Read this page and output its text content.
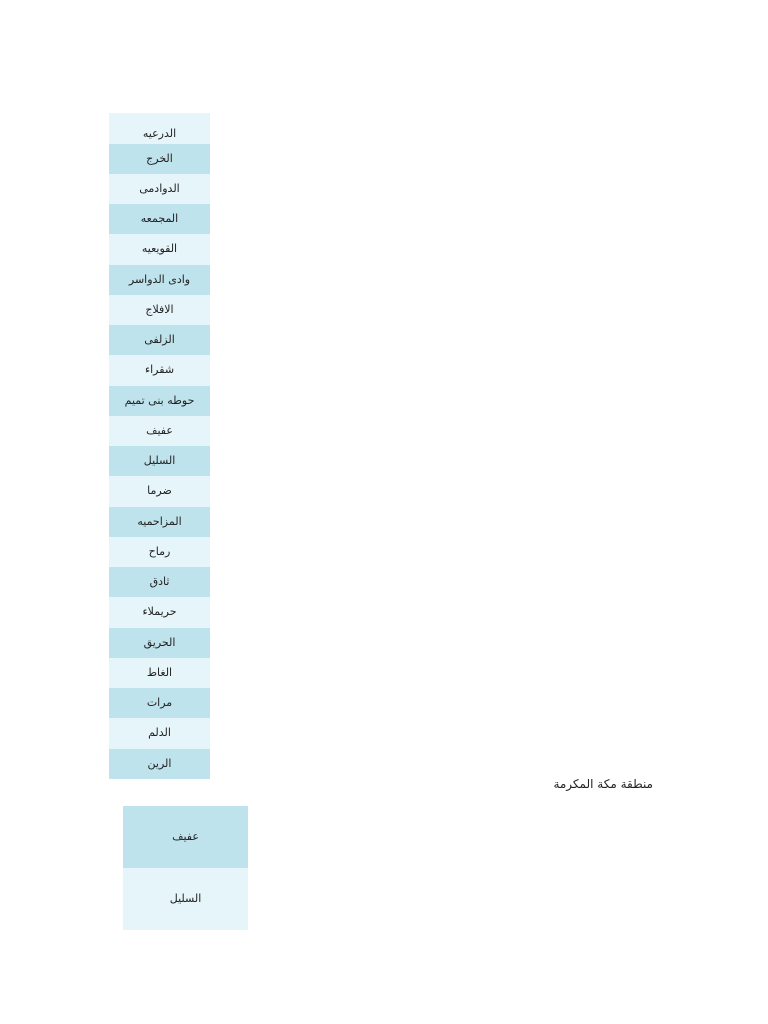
الدرعيه
الخرج
الدوادمى
المجمعه
القويعيه
وادى الدواسر
الافلاج
الزلفى
شقراء
حوطه بنى تميم
عفيف
السليل
ضرما
المزاحميه
رماح
ثادق
حريملاء
الحريق
الغاط
مرات
الدلم
الرين
منطقة مكة المكرمة
عفيف
السليل
